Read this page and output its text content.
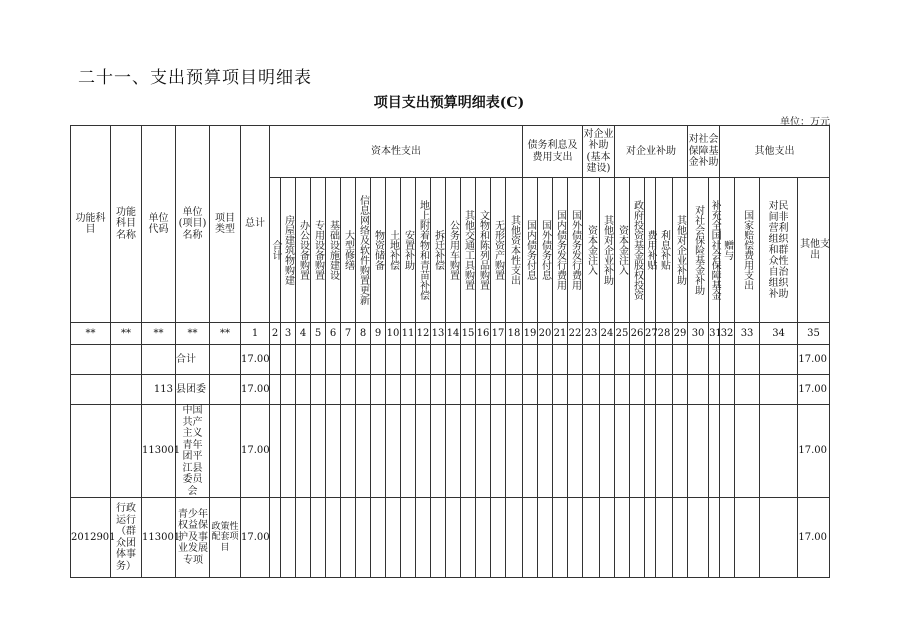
二十一、支出预算项目明细表
项目支出预算明细表(C)
单位：万元
功能科目	功能科目名称	单位代码	单位(项目)名称	项目类型	总计	资本性支出																	债务利息及费用支出				对企业补助(基本建设)		对企业补助					对社会保障基金补助		其他支出			

						合计	房屋建筑物购建	办公设备购置	专用设备购置	基础设施建设	大型修缮	信息网络及软件购置更新	物资储备	土地补偿	安置补助	地上附着物和青苗补偿	拆迁补偿	公务用车购置	其他交通工具购置	文物和陈列品购置	无形资产购置	其他资本性支出	国内债务付息	国外债务付息	国内债务发行费用	国外债务发行费用	资本金注入	其他对企业补助	资本金注入	政府投资基金股权投资	费用补贴	利息补贴	其他对企业补助	对社会保险基金补助	补充全国社会保障基金	赠与	国家赔偿费用支出	对民间非营利组织和群众性自治组织补助	其他支出

**	**	**	**	**	1	2	3	4	5	6	7	8	9	10	11	12	13	14	15	16	17	18	19	20	21	22	23	24	25	26	27	28	29	30	31	32	33	34	35
			合计		17.00																																		17.00
		113	县团委		17.00																																		17.00
		113001	中国共产主义青年团平江县委员会		17.00																																		17.00
2012901	行政运行（群众团体事务）	113001	青少年权益保护及事业发展专项	政策性配套项目	17.00																																		17.00
